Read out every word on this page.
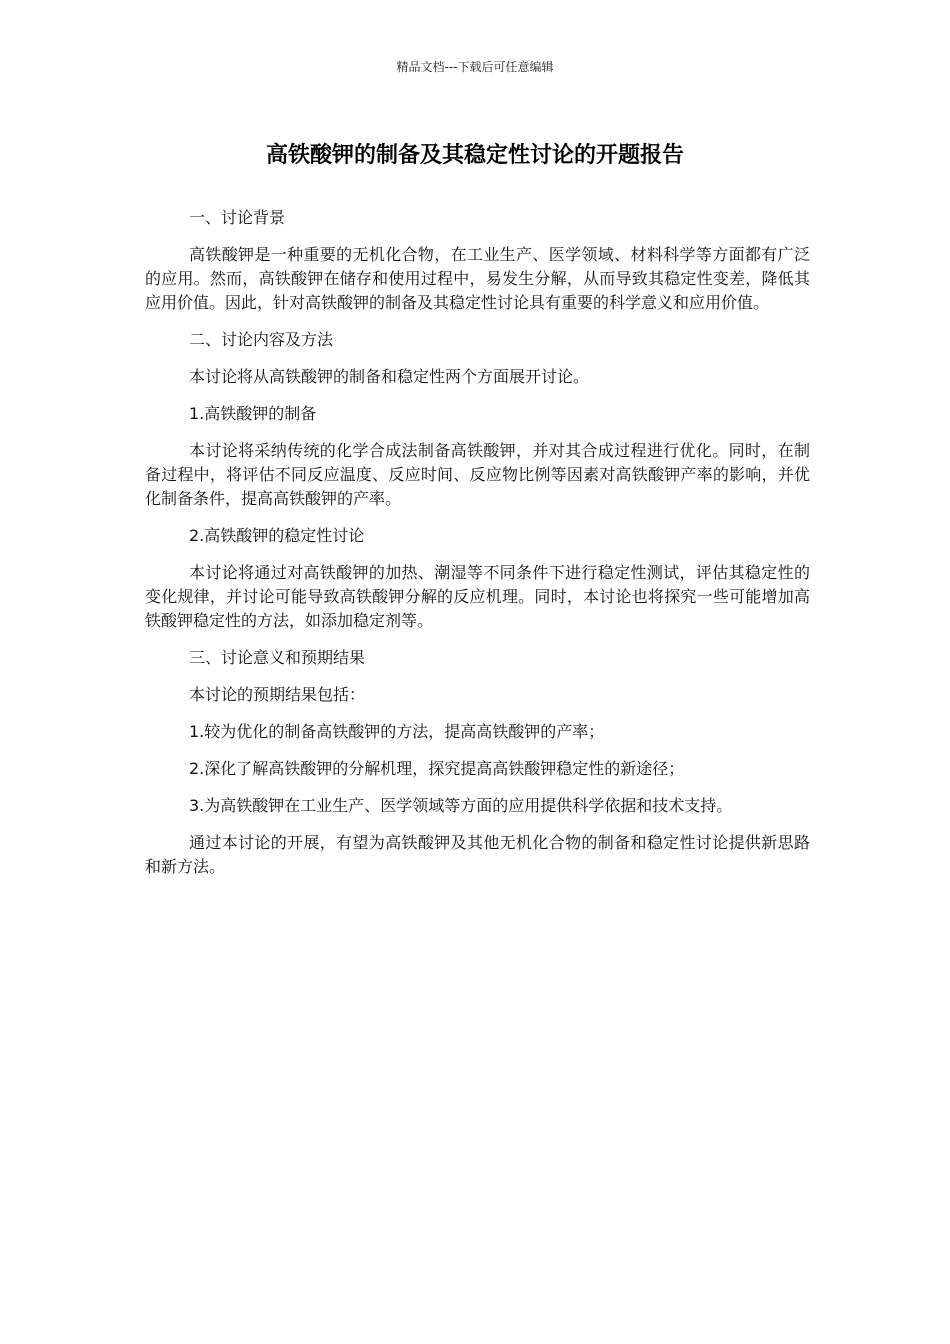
精品文档---下载后可任意编辑
高铁酸钾的制备及其稳定性讨论的开题报告

一、讨论背景

高铁酸钾是一种重要的无机化合物，在工业生产、医学领域、材料科学等方面都有广泛的应用。然而，高铁酸钾在储存和使用过程中，易发生分解，从而导致其稳定性变差，降低其应用价值。因此，针对高铁酸钾的制备及其稳定性讨论具有重要的科学意义和应用价值。

二、讨论内容及方法

本讨论将从高铁酸钾的制备和稳定性两个方面展开讨论。

1.高铁酸钾的制备

本讨论将采纳传统的化学合成法制备高铁酸钾，并对其合成过程进行优化。同时，在制备过程中，将评估不同反应温度、反应时间、反应物比例等因素对高铁酸钾产率的影响，并优化制备条件，提高高铁酸钾的产率。

2.高铁酸钾的稳定性讨论

本讨论将通过对高铁酸钾的加热、潮湿等不同条件下进行稳定性测试，评估其稳定性的变化规律，并讨论可能导致高铁酸钾分解的反应机理。同时，本讨论也将探究一些可能增加高铁酸钾稳定性的方法，如添加稳定剂等。

三、讨论意义和预期结果

本讨论的预期结果包括：

1.较为优化的制备高铁酸钾的方法，提高高铁酸钾的产率；

2.深化了解高铁酸钾的分解机理，探究提高高铁酸钾稳定性的新途径；

3.为高铁酸钾在工业生产、医学领域等方面的应用提供科学依据和技术支持。

通过本讨论的开展，有望为高铁酸钾及其他无机化合物的制备和稳定性讨论提供新思路和新方法。
